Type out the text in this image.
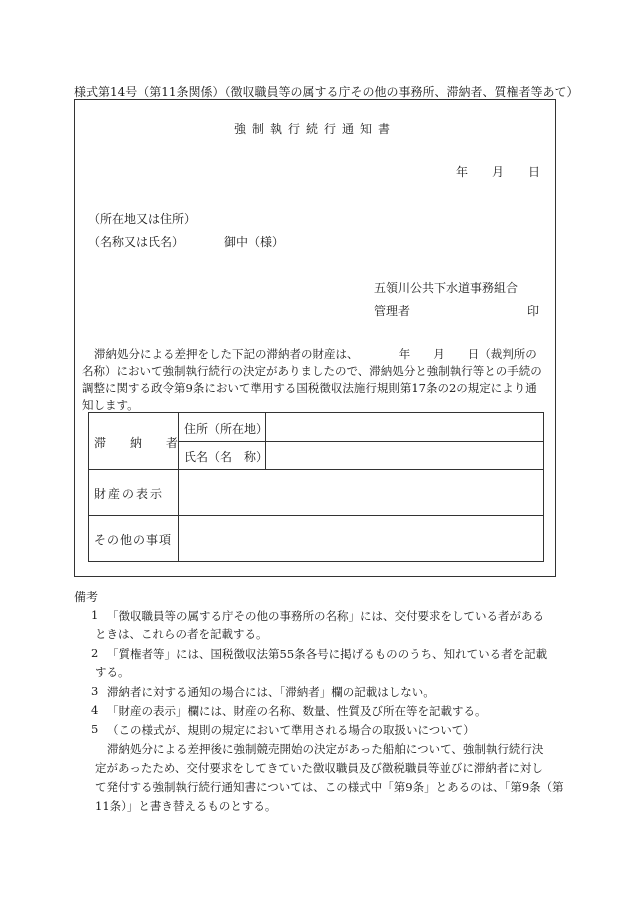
様式第14号（第11条関係）（徴収職員等の属する庁その他の事務所、滞納者、質権者等あて）
強制執行続行通知書
年 月 日
（所在地又は住所）
（名称又は氏名）	御中（様）
五領川公共下水道事務組合
管理者	印
滞納処分による差押をした下記の滞納者の財産は、　　　　年　　月　　日（裁判所の
名称）において強制執行続行の決定がありましたので、滞納処分と強制執行等との手続の
調整に関する政令第9条において準用する国税徴収法施行規則第17条の2の規定により通
知します。
滞　　納　　者
住所（所在地）
氏名（名　称）
財産の表示
その他の事項
備考
1 「徴収職員等の属する庁その他の事務所の名称」には、交付要求をしている者がある
ときは、これらの者を記載する。
2 「質権者等」には、国税徴収法第55条各号に掲げるもののうち、知れている者を記載
する。
3 滞納者に対する通知の場合には、「滞納者」欄の記載はしない。
4 「財産の表示」欄には、財産の名称、数量、性質及び所在等を記載する。
5 （この様式が、規則の規定において準用される場合の取扱いについて）
滞納処分による差押後に強制競売開始の決定があった船舶について、強制執行続行決
定があったため、交付要求をしてきていた徴収職員及び徴税職員等並びに滞納者に対し
て発付する強制執行続行通知書については、この様式中「第9条」とあるのは、「第9条（第
11条）」と書き替えるものとする。
